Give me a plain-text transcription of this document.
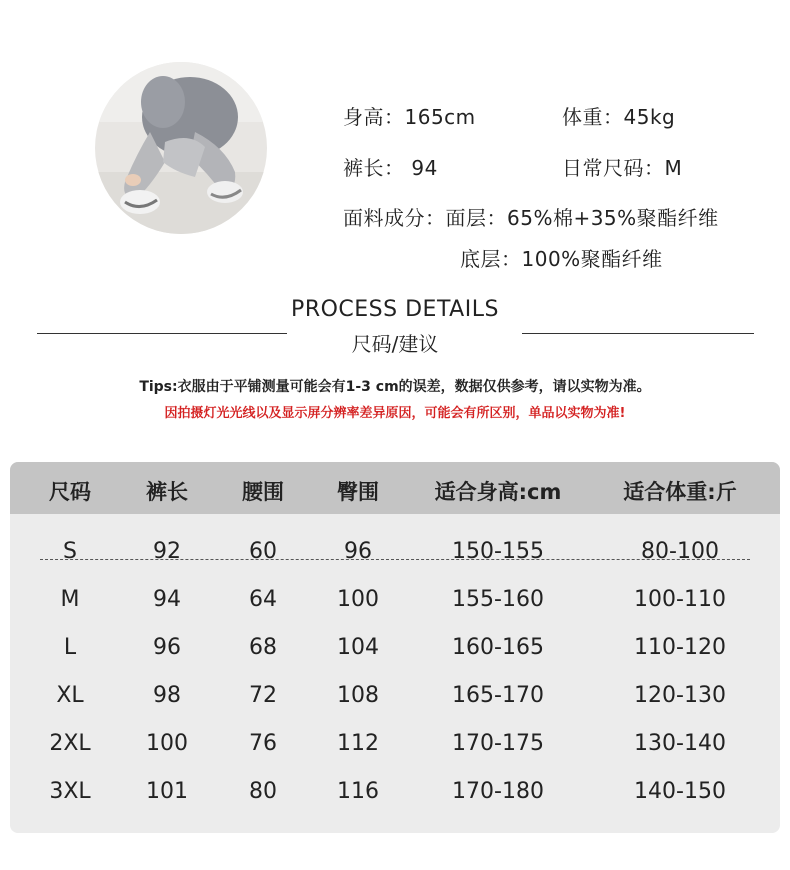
身高：165cm	体重：45kg
裤长： 94	日常尺码：M
面料成分：面层：65%棉+35%聚酯纤维
底层：100%聚酯纤维
PROCESS DETAILS
尺码/建议
Tips:衣服由于平铺测量可能会有1-3 cm的误差，数据仅供参考，请以实物为准。
因拍摄灯光光线以及显示屏分辨率差异原因，可能会有所区别，单品以实物为准!
尺码	裤长	腰围	臀围	适合身高:cm	适合体重:斤
S	92	60	96	150-155	80-100
M	94	64	100	155-160	100-110
L	96	68	104	160-165	110-120
XL	98	72	108	165-170	120-130
2XL	100	76	112	170-175	130-140
3XL	101	80	116	170-180	140-150
